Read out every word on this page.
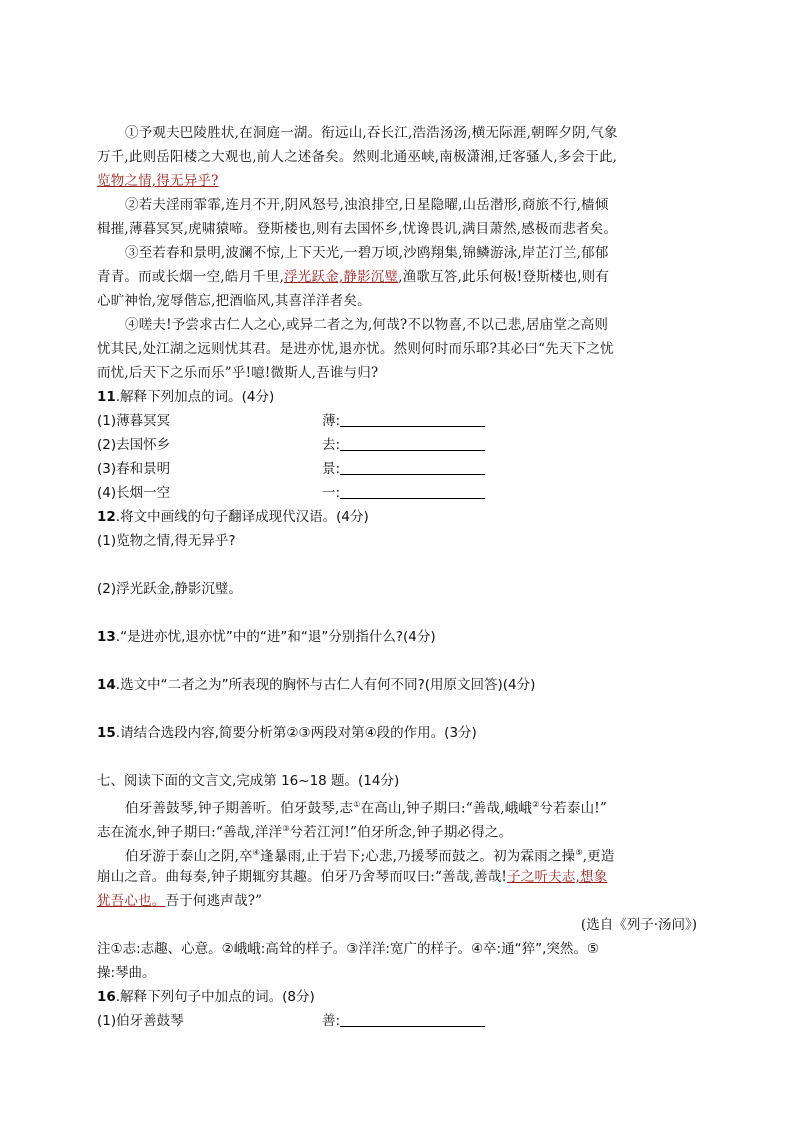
①予观夫巴陵胜状,在洞庭一湖。衔远山,吞长江,浩浩汤汤,横无际涯,朝晖夕阴,气象
万千,此则岳阳楼之大观也,前人之述备矣。然则北通巫峡,南极潇湘,迁客骚人,多会于此,
览物之情,得无异乎?
②若夫淫雨霏霏,连月不开,阴风怒号,浊浪排空,日星隐曜,山岳潜形,商旅不行,樯倾
楫摧,薄暮冥冥,虎啸猿啼。登斯楼也,则有去国怀乡,忧谗畏讥,满目萧然,感极而悲者矣。
③至若春和景明,波澜不惊,上下天光,一碧万顷,沙鸥翔集,锦鳞游泳,岸芷汀兰,郁郁
青青。而或长烟一空,皓月千里,浮光跃金,静影沉璧,渔歌互答,此乐何极!登斯楼也,则有
心旷神怡,宠辱偕忘,把酒临风,其喜洋洋者矣。
④嗟夫!予尝求古仁人之心,或异二者之为,何哉?不以物喜,不以己悲,居庙堂之高则
忧其民,处江湖之远则忧其君。是进亦忧,退亦忧。然则何时而乐耶?其必曰“先天下之忧
而忧,后天下之乐而乐”乎!噫!微斯人,吾谁与归?
11.解释下列加点的词。(4分)
(1)薄暮冥冥	薄:
(2)去国怀乡	去:
(3)春和景明	景:
(4)长烟一空	一:
12.将文中画线的句子翻译成现代汉语。(4分)
(1)览物之情,得无异乎?
(2)浮光跃金,静影沉璧。
13.“是进亦忧,退亦忧”中的“进”和“退”分别指什么?(4分)
14.选文中“二者之为”所表现的胸怀与古仁人有何不同?(用原文回答)(4分)
15.请结合选段内容,简要分析第②③两段对第④段的作用。(3分)
七、阅读下面的文言文,完成第 16~18 题。(14分)
伯牙善鼓琴,钟子期善听。伯牙鼓琴,志①在高山,钟子期曰:“善哉,峨峨②兮若泰山!”
志在流水,钟子期曰:“善哉,洋洋③兮若江河!”伯牙所念,钟子期必得之。
伯牙游于泰山之阴,卒④逢暴雨,止于岩下;心悲,乃援琴而鼓之。初为霖雨之操⑤,更造
崩山之音。曲每奏,钟子期辄穷其趣。伯牙乃舍琴而叹曰:“善哉,善哉!子之听夫志,想象
犹吾心也。吾于何逃声哉?”
(选自《列子·汤问》)
注①志:志趣、心意。②峨峨:高耸的样子。③洋洋:宽广的样子。④卒:通“猝”,突然。⑤
操:琴曲。
16.解释下列句子中加点的词。(8分)
(1)伯牙善鼓琴	善:
